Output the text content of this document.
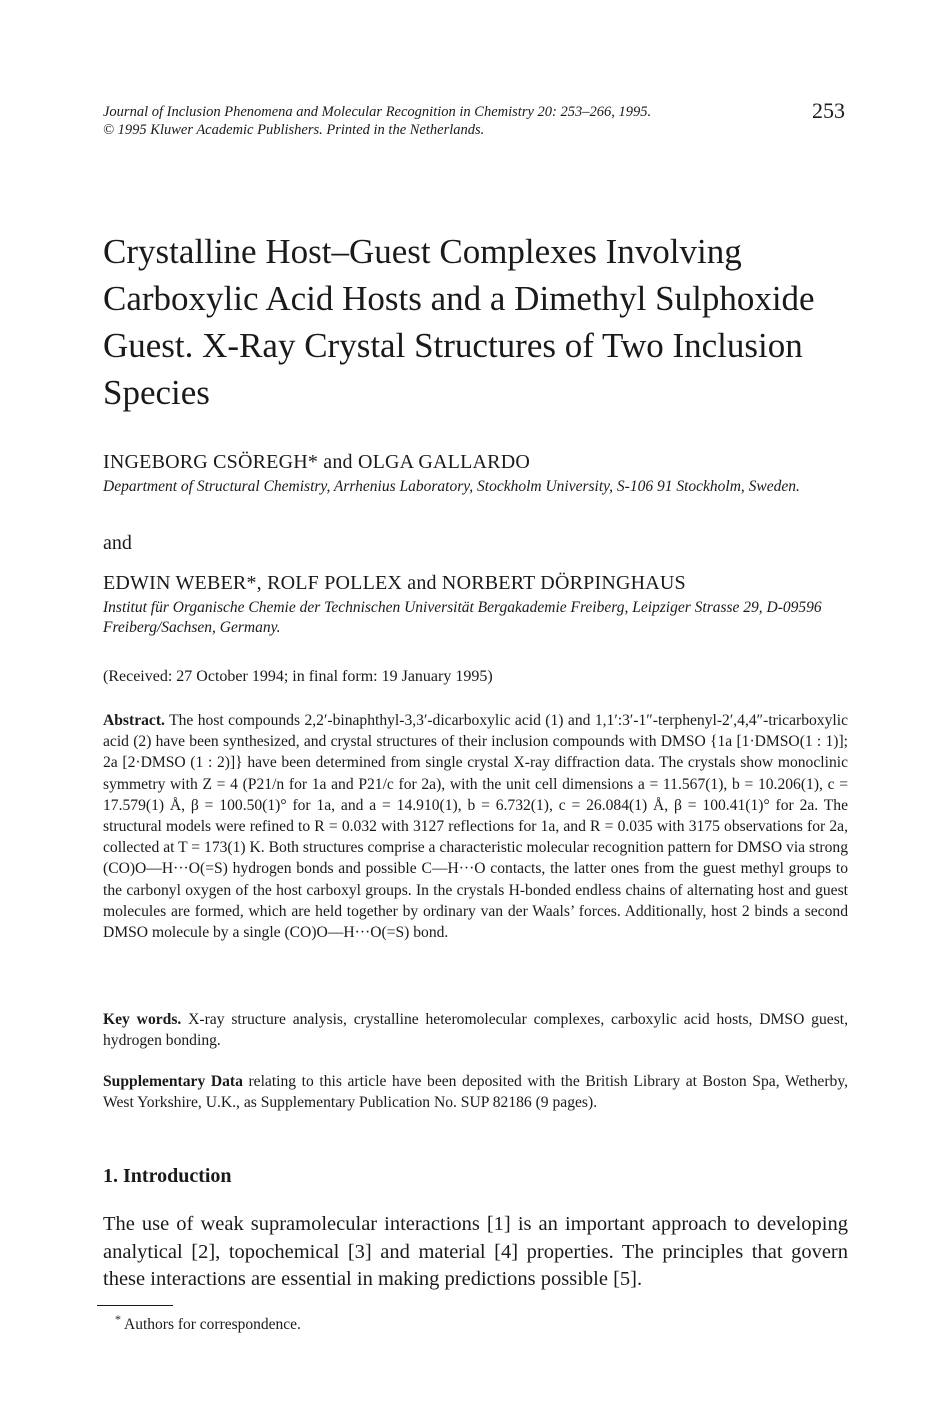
Journal of Inclusion Phenomena and Molecular Recognition in Chemistry 20: 253–266, 1995.
© 1995 Kluwer Academic Publishers. Printed in the Netherlands.
253
Crystalline Host–Guest Complexes Involving Carboxylic Acid Hosts and a Dimethyl Sulphoxide Guest. X-Ray Crystal Structures of Two Inclusion Species
INGEBORG CSÖREGH* and OLGA GALLARDO
Department of Structural Chemistry, Arrhenius Laboratory, Stockholm University, S-106 91 Stockholm, Sweden.
and
EDWIN WEBER*, ROLF POLLEX and NORBERT DÖRPINGHAUS
Institut für Organische Chemie der Technischen Universität Bergakademie Freiberg, Leipziger Strasse 29, D-09596 Freiberg/Sachsen, Germany.
(Received: 27 October 1994; in final form: 19 January 1995)
Abstract. The host compounds 2,2′-binaphthyl-3,3′-dicarboxylic acid (1) and 1,1′:3′-1″-terphenyl-2′,4,4″-tricarboxylic acid (2) have been synthesized, and crystal structures of their inclusion compounds with DMSO {1a [1·DMSO(1 : 1)]; 2a [2·DMSO (1 : 2)]} have been determined from single crystal X-ray diffraction data. The crystals show monoclinic symmetry with Z = 4 (P21/n for 1a and P21/c for 2a), with the unit cell dimensions a = 11.567(1), b = 10.206(1), c = 17.579(1) Å, β = 100.50(1)° for 1a, and a = 14.910(1), b = 6.732(1), c = 26.084(1) Å, β = 100.41(1)° for 2a. The structural models were refined to R = 0.032 with 3127 reflections for 1a, and R = 0.035 with 3175 observations for 2a, collected at T = 173(1) K. Both structures comprise a characteristic molecular recognition pattern for DMSO via strong (CO)O—H···O(=S) hydrogen bonds and possible C—H···O contacts, the latter ones from the guest methyl groups to the carbonyl oxygen of the host carboxyl groups. In the crystals H-bonded endless chains of alternating host and guest molecules are formed, which are held together by ordinary van der Waals’ forces. Additionally, host 2 binds a second DMSO molecule by a single (CO)O—H···O(=S) bond.
Key words. X-ray structure analysis, crystalline heteromolecular complexes, carboxylic acid hosts, DMSO guest, hydrogen bonding.
Supplementary Data relating to this article have been deposited with the British Library at Boston Spa, Wetherby, West Yorkshire, U.K., as Supplementary Publication No. SUP 82186 (9 pages).
1. Introduction
The use of weak supramolecular interactions [1] is an important approach to developing analytical [2], topochemical [3] and material [4] properties. The principles that govern these interactions are essential in making predictions possible [5].
* Authors for correspondence.
